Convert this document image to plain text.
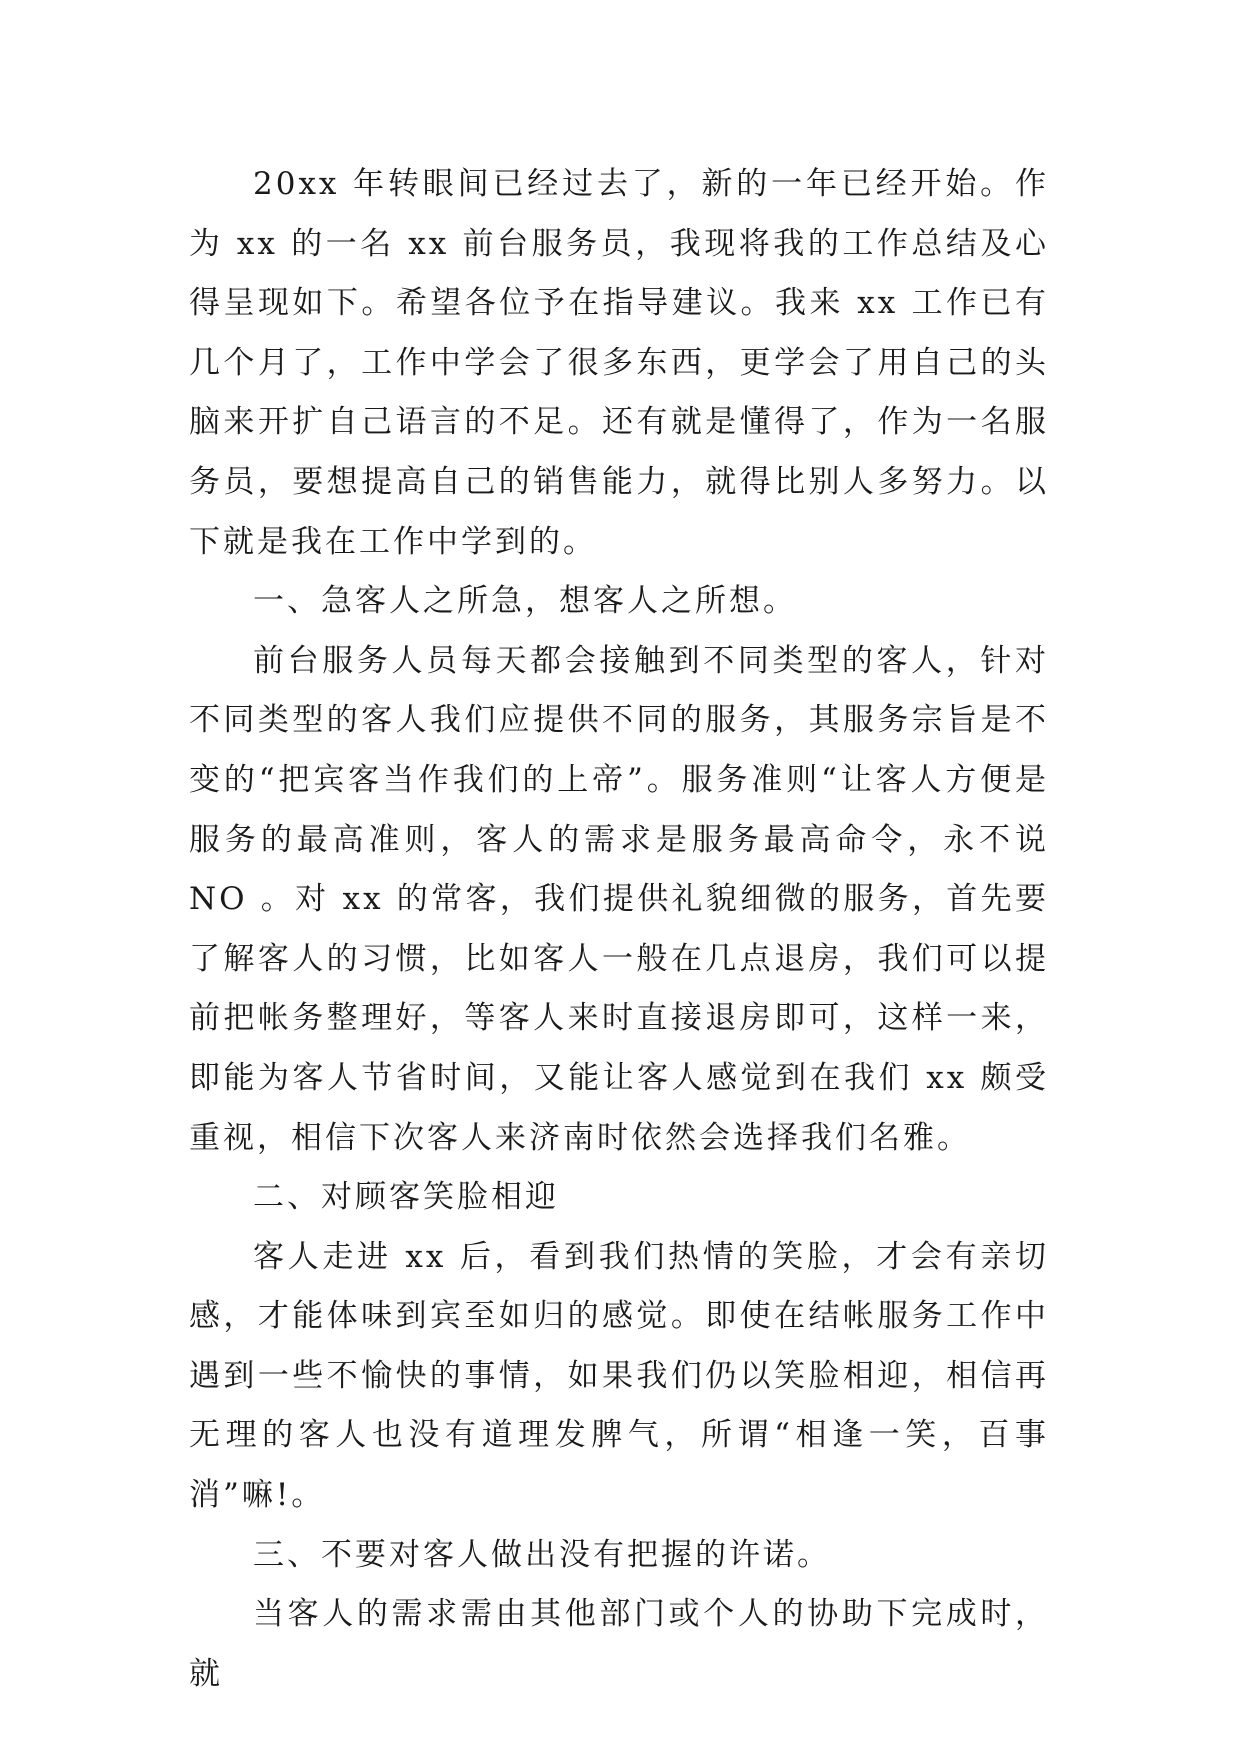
20xx 年转眼间已经过去了，新的一年已经开始。作为 xx 的一名 xx 前台服务员，我现将我的工作总结及心得呈现如下。希望各位予在指导建议。我来 xx 工作已有几个月了，工作中学会了很多东西，更学会了用自己的头脑来开扩自己语言的不足。还有就是懂得了，作为一名服务员，要想提高自己的销售能力，就得比别人多努力。以下就是我在工作中学到的。

一、急客人之所急，想客人之所想。

前台服务人员每天都会接触到不同类型的客人，针对不同类型的客人我们应提供不同的服务，其服务宗旨是不变的“把宾客当作我们的上帝”。服务准则“让客人方便是服务的最高准则，客人的需求是服务最高命令，永不说 NO 。对 xx 的常客，我们提供礼貌细微的服务，首先要了解客人的习惯，比如客人一般在几点退房，我们可以提前把帐务整理好，等客人来时直接退房即可，这样一来，即能为客人节省时间，又能让客人感觉到在我们 xx 颇受重视，相信下次客人来济南时依然会选择我们名雅。

二、对顾客笑脸相迎

客人走进 xx 后，看到我们热情的笑脸，才会有亲切感，才能体味到宾至如归的感觉。即使在结帐服务工作中遇到一些不愉快的事情，如果我们仍以笑脸相迎，相信再无理的客人也没有道理发脾气，所谓“相逢一笑，百事消”嘛!。

三、不要对客人做出没有把握的许诺。

当客人的需求需由其他部门或个人的协助下完成时，就
